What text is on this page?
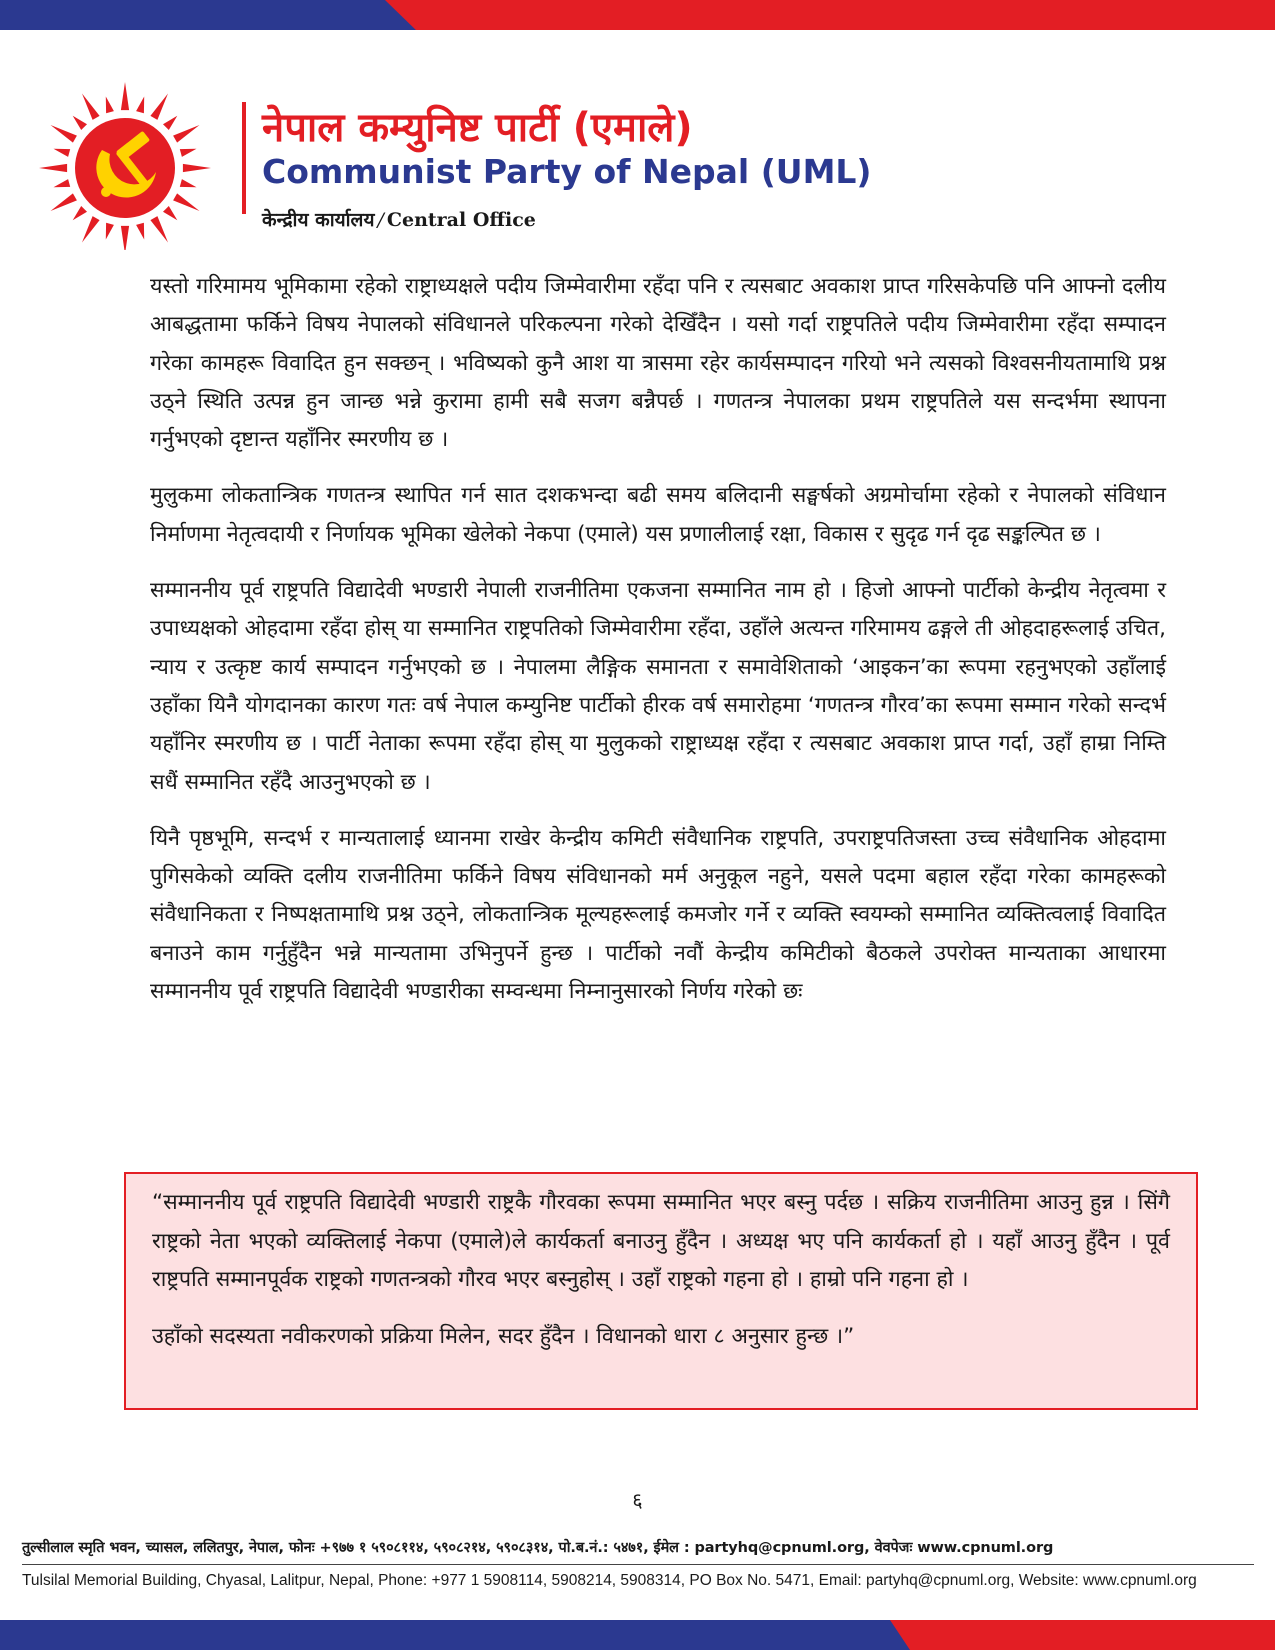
नेपाल कम्युनिष्ट पार्टी (एमाले)
Communist Party of Nepal (UML)
केन्द्रीय कार्यालय / Central Office

यस्तो गरिमामय भूमिकामा रहेको राष्ट्राध्यक्षले पदीय जिम्मेवारीमा रहँदा पनि र त्यसबाट अवकाश प्राप्त गरिसकेपछि पनि आफ्नो दलीय आबद्धतामा फर्किने विषय नेपालको संविधानले परिकल्पना गरेको देखिँदैन । यसो गर्दा राष्ट्रपतिले पदीय जिम्मेवारीमा रहँदा सम्पादन गरेका कामहरू विवादित हुन सक्छन् । भविष्यको कुनै आश या त्रासमा रहेर कार्यसम्पादन गरियो भने त्यसको विश्वसनीयतामाथि प्रश्न उठ्ने स्थिति उत्पन्न हुन जान्छ भन्ने कुरामा हामी सबै सजग बन्नैपर्छ । गणतन्त्र नेपालका प्रथम राष्ट्रपतिले यस सन्दर्भमा स्थापना गर्नुभएको दृष्टान्त यहाँनिर स्मरणीय छ ।

मुलुकमा लोकतान्त्रिक गणतन्त्र स्थापित गर्न सात दशकभन्दा बढी समय बलिदानी सङ्घर्षको अग्रमोर्चामा रहेको र नेपालको संविधान निर्माणमा नेतृत्वदायी र निर्णायक भूमिका खेलेको नेकपा (एमाले) यस प्रणालीलाई रक्षा, विकास र सुदृढ गर्न दृढ सङ्कल्पित छ ।

सम्माननीय पूर्व राष्ट्रपति विद्यादेवी भण्डारी नेपाली राजनीतिमा एकजना सम्मानित नाम हो । हिजो आफ्नो पार्टीको केन्द्रीय नेतृत्वमा र उपाध्यक्षको ओहदामा रहँदा होस् या सम्मानित राष्ट्रपतिको जिम्मेवारीमा रहँदा, उहाँले अत्यन्त गरिमामय ढङ्गले ती ओहदाहरूलाई उचित, न्याय र उत्कृष्ट कार्य सम्पादन गर्नुभएको छ । नेपालमा लैङ्गिक समानता र समावेशिताको ‘आइकन’का रूपमा रहनुभएको उहाँलाई उहाँका यिनै योगदानका कारण गतः वर्ष नेपाल कम्युनिष्ट पार्टीको हीरक वर्ष समारोहमा ‘गणतन्त्र गौरव’का रूपमा सम्मान गरेको सन्दर्भ यहाँनिर स्मरणीय छ । पार्टी नेताका रूपमा रहँदा होस् या मुलुकको राष्ट्राध्यक्ष रहँदा र त्यसबाट अवकाश प्राप्त गर्दा, उहाँ हाम्रा निम्ति सधैं सम्मानित रहँदै आउनुभएको छ ।

यिनै पृष्ठभूमि, सन्दर्भ र मान्यतालाई ध्यानमा राखेर केन्द्रीय कमिटी संवैधानिक राष्ट्रपति, उपराष्ट्रपतिजस्ता उच्च संवैधानिक ओहदामा पुगिसकेको व्यक्ति दलीय राजनीतिमा फर्किने विषय संविधानको मर्म अनुकूल नहुने, यसले पदमा बहाल रहँदा गरेका कामहरूको संवैधानिकता र निष्पक्षतामाथि प्रश्न उठ्ने, लोकतान्त्रिक मूल्यहरूलाई कमजोर गर्ने र व्यक्ति स्वयम्को सम्मानित व्यक्तित्वलाई विवादित बनाउने काम गर्नुहुँदैन भन्ने मान्यतामा उभिनुपर्ने हुन्छ । पार्टीको नवौं केन्द्रीय कमिटीको बैठकले उपरोक्त मान्यताका आधारमा सम्माननीय पूर्व राष्ट्रपति विद्यादेवी भण्डारीका सम्वन्धमा निम्नानुसारको निर्णय गरेको छः

“सम्माननीय पूर्व राष्ट्रपति विद्यादेवी भण्डारी राष्ट्रकै गौरवका रूपमा सम्मानित भएर बस्नु पर्दछ । सक्रिय राजनीतिमा आउनु हुन्न । सिंगै राष्ट्रको नेता भएको व्यक्तिलाई नेकपा (एमाले)ले कार्यकर्ता बनाउनु हुँदैन । अध्यक्ष भए पनि कार्यकर्ता हो । यहाँ आउनु हुँदैन । पूर्व राष्ट्रपति सम्मानपूर्वक राष्ट्रको गणतन्त्रको गौरव भएर बस्नुहोस् । उहाँ राष्ट्रको गहना हो । हाम्रो पनि गहना हो ।

उहाँको सदस्यता नवीकरणको प्रक्रिया मिलेन, सदर हुँदैन । विधानको धारा ८ अनुसार हुन्छ ।”

६
तुल्सीलाल स्मृति भवन, च्यासल, ललितपुर, नेपाल, फोनः +९७७ १ ५९०८११४, ५९०८२१४, ५९०८३१४, पो.ब.नं.: ५४७१, ईमेल : partyhq@cpnuml.org, वेवपेजः www.cpnuml.org
Tulsilal Memorial Building, Chyasal, Lalitpur, Nepal, Phone: +977 1 5908114, 5908214, 5908314, PO Box No. 5471, Email: partyhq@cpnuml.org, Website: www.cpnuml.org
